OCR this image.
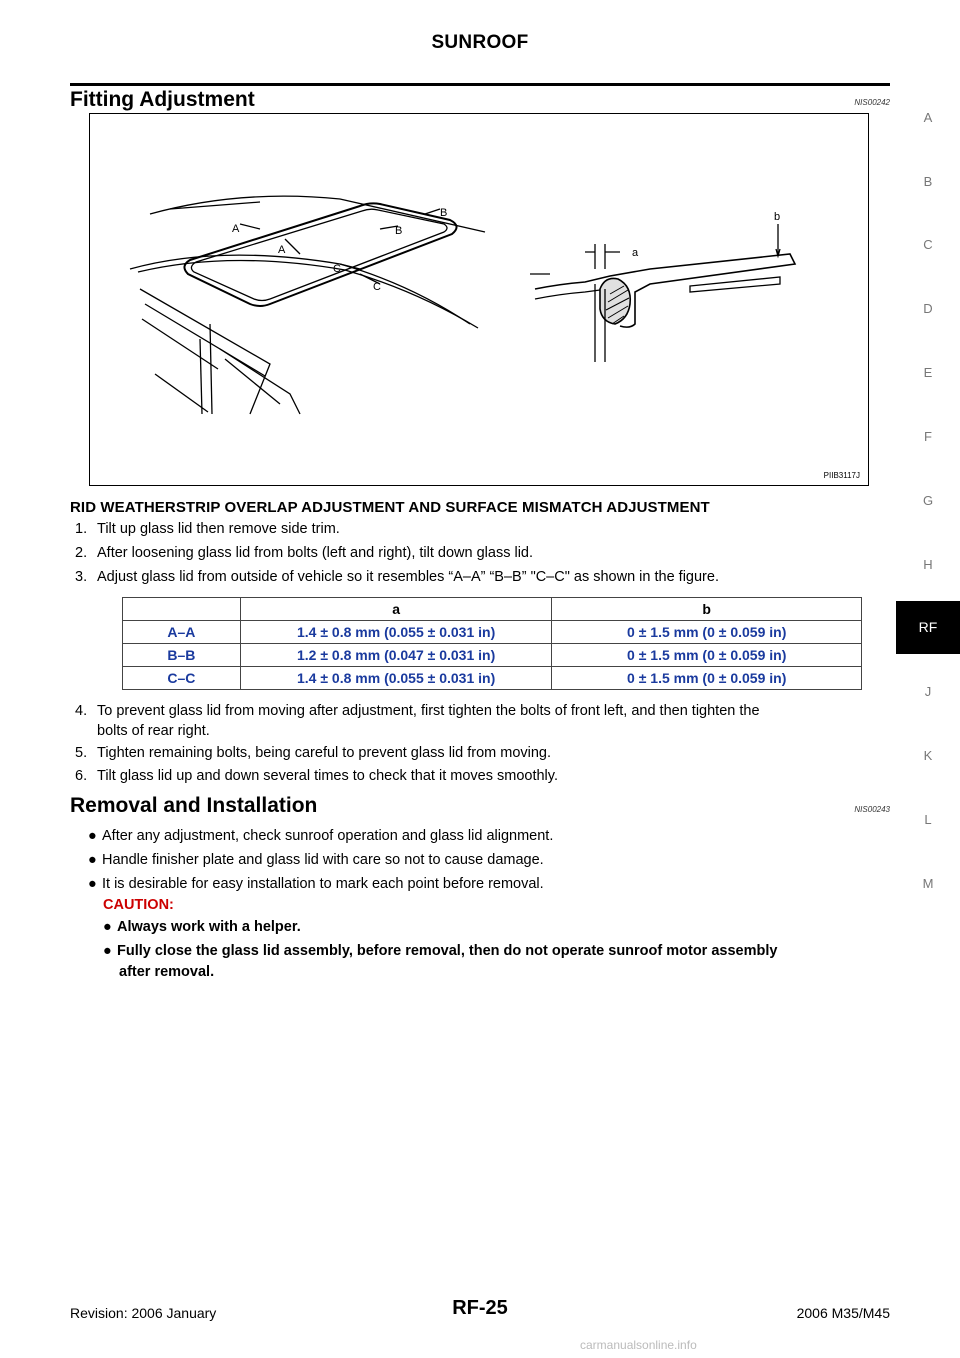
SUNROOF
Fitting Adjustment	NIS00242
A
A
B
B
C
C
a
b
PIIB3117J
RID WEATHERSTRIP OVERLAP ADJUSTMENT AND SURFACE MISMATCH ADJUSTMENT
1. Tilt up glass lid then remove side trim.
2. After loosening glass lid from bolts (left and right), tilt down glass lid.
3. Adjust glass lid from outside of vehicle so it resembles “A–A” “B–B” "C–C" as shown in the figure.
	a	b
A–A	1.4 ± 0.8 mm (0.055 ± 0.031 in)	0 ± 1.5 mm (0 ± 0.059 in)
B–B	1.2 ± 0.8 mm (0.047 ± 0.031 in)	0 ± 1.5 mm (0 ± 0.059 in)
C–C	1.4 ± 0.8 mm (0.055 ± 0.031 in)	0 ± 1.5 mm (0 ± 0.059 in)
4. To prevent glass lid from moving after adjustment, first tighten the bolts of front left, and then tighten the
bolts of rear right.
5. Tighten remaining bolts, being careful to prevent glass lid from moving.
6. Tilt glass lid up and down several times to check that it moves smoothly.
Removal and Installation	NIS00243
● After any adjustment, check sunroof operation and glass lid alignment.
● Handle finisher plate and glass lid with care so not to cause damage.
● It is desirable for easy installation to mark each point before removal.
CAUTION:
● Always work with a helper.
● Fully close the glass lid assembly, before removal, then do not operate sunroof motor assembly
after removal.
A
B
C
D
E
F
G
H
RF
J
K
L
M
Revision: 2006 January	RF-25	2006 M35/M45
carmanualsonline.info
